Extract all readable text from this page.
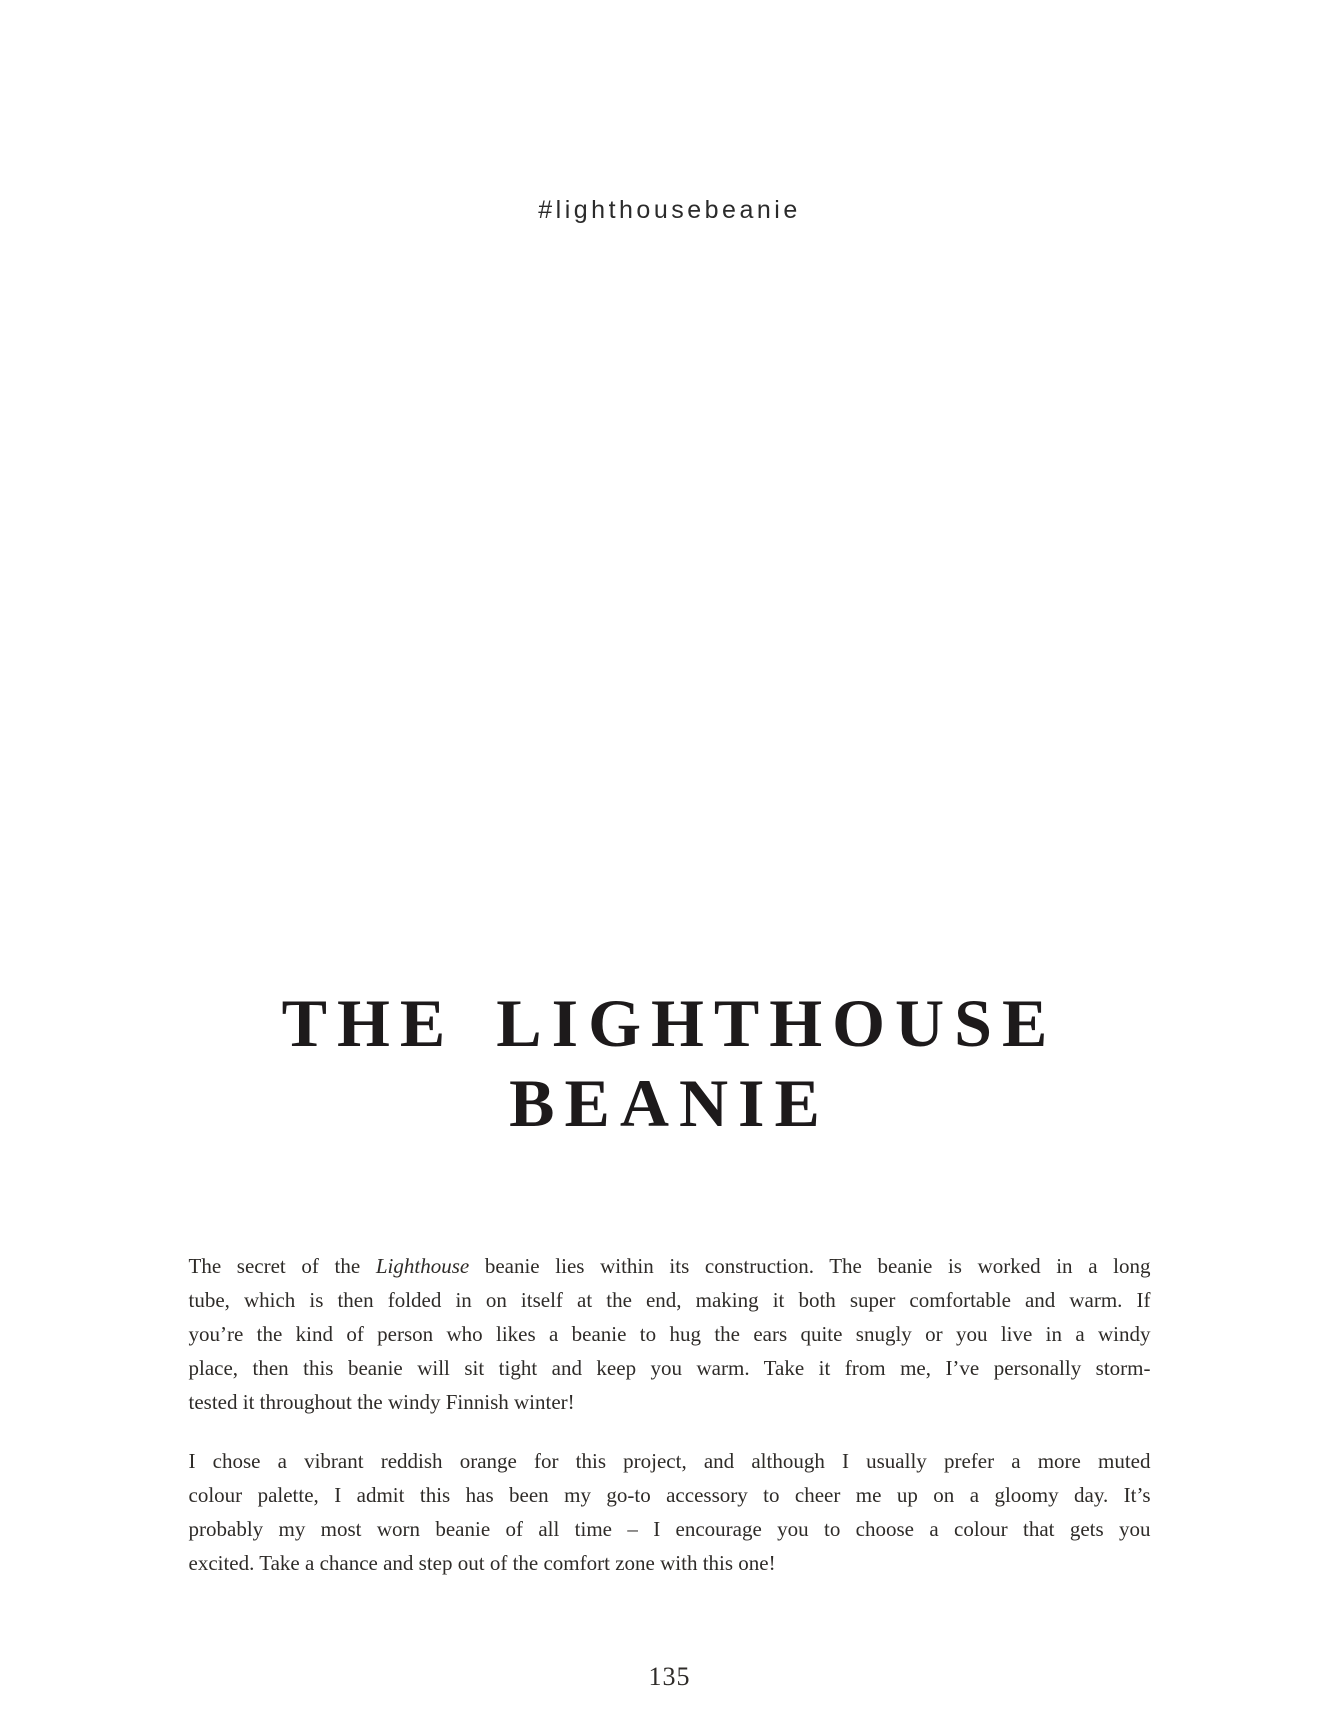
#lighthousebeanie
THE LIGHTHOUSE
BEANIE
The secret of the Lighthouse beanie lies within its construction. The beanie is worked in a long
tube, which is then folded in on itself at the end, making it both super comfortable and warm. If
you’re the kind of person who likes a beanie to hug the ears quite snugly or you live in a windy
place, then this beanie will sit tight and keep you warm. Take it from me, I’ve personally storm-
tested it throughout the windy Finnish winter!
I chose a vibrant reddish orange for this project, and although I usually prefer a more muted
colour palette, I admit this has been my go-to accessory to cheer me up on a gloomy day. It’s
probably my most worn beanie of all time – I encourage you to choose a colour that gets you
excited. Take a chance and step out of the comfort zone with this one!
135
